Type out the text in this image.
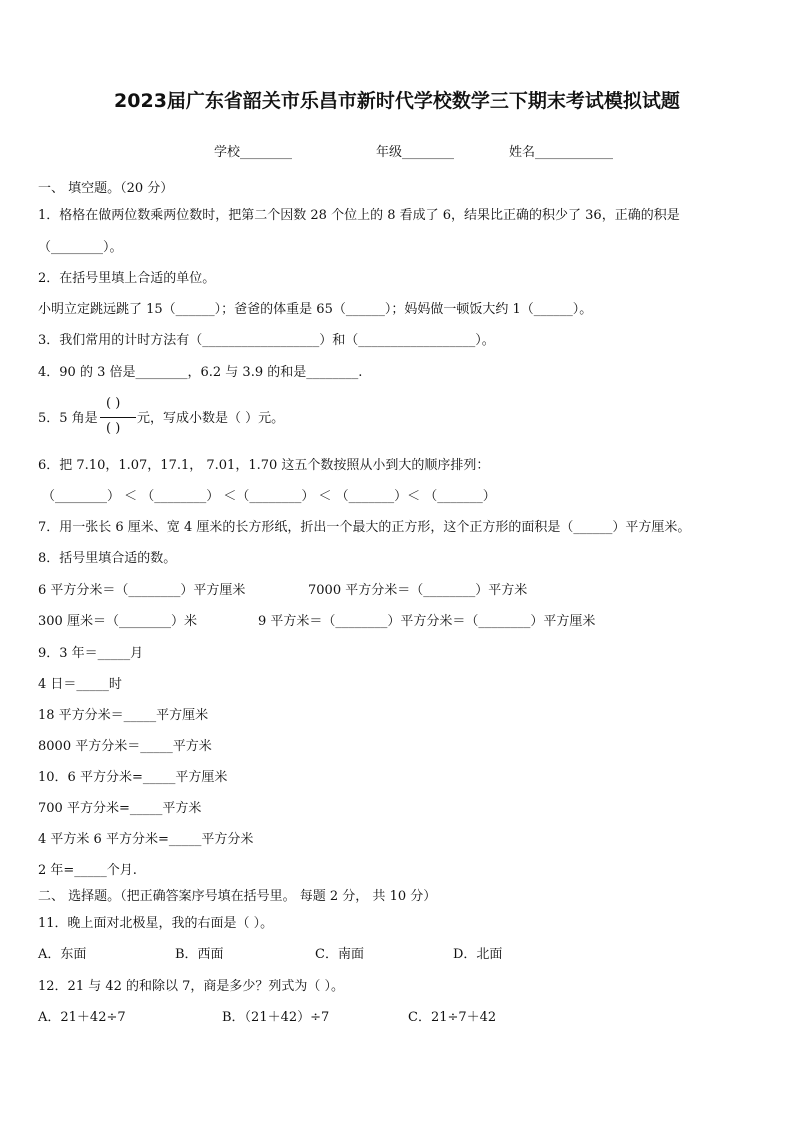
2023届广东省韶关市乐昌市新时代学校数学三下期末考试模拟试题
学校________	年级________	姓名____________
一、 填空题。（20 分）
1．格格在做两位数乘两位数时，把第二个因数 28 个位上的 8 看成了 6，结果比正确的积少了 36，正确的积是
（________）。
2．在括号里填上合适的单位。
小明立定跳远跳了 15（______）；爸爸的体重是 65（______）；妈妈做一顿饭大约 1（______）。
3．我们常用的计时方法有（__________________）和（__________________）。
4．90 的 3 倍是________，6.2 与 3.9 的和是________.
5．5 角是
( )
( )
元，写成小数是（ ）元。
6．把 7.10，1.07，17.1， 7.01，1.70 这五个数按照从小到大的顺序排列：
（________） ＜ （________） ＜（________） ＜ （_______）＜ （_______）
7．用一张长 6 厘米、宽 4 厘米的长方形纸，折出一个最大的正方形，这个正方形的面积是（______）平方厘米。
8．括号里填合适的数。
6 平方分米＝（________）平方厘米	7000 平方分米＝（________）平方米
300 厘米＝（________）米	9 平方米＝（________）平方分米＝（________）平方厘米
9．3 年＝_____月
4 日＝_____时
18 平方分米＝_____平方厘米
8000 平方分米＝_____平方米
10．6 平方分米=_____平方厘米
700 平方分米=_____平方米
4 平方米 6 平方分米=_____平方分米
2 年=_____个月.
二、 选择题。（把正确答案序号填在括号里。 每题 2 分， 共 10 分）
11．晚上面对北极星，我的右面是（ ）。
A．东面	B．西面	C．南面	D．北面
12．21 与 42 的和除以 7，商是多少？列式为（ ）。
A．21＋42÷7	B．（21＋42）÷7	C．21÷7＋42
